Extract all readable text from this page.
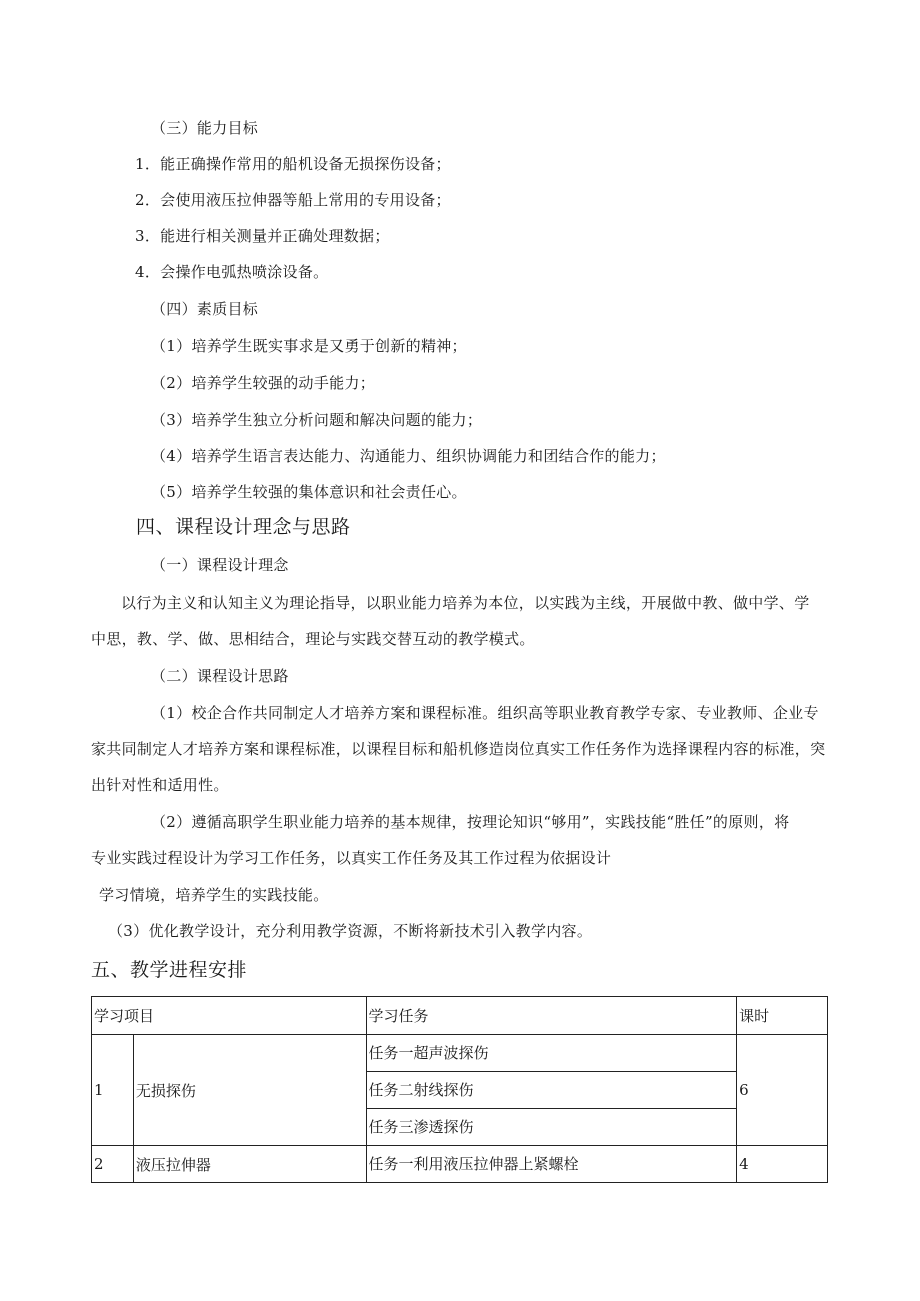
（三）能力目标
1．能正确操作常用的船机设备无损探伤设备；
2．会使用液压拉伸器等船上常用的专用设备；
3．能进行相关测量并正确处理数据；
4．会操作电弧热喷涂设备。
（四）素质目标
（1）培养学生既实事求是又勇于创新的精神；
（2）培养学生较强的动手能力；
（3）培养学生独立分析问题和解决问题的能力；
（4）培养学生语言表达能力、沟通能力、组织协调能力和团结合作的能力；
（5）培养学生较强的集体意识和社会责任心。
四、课程设计理念与思路
（一）课程设计理念
以行为主义和认知主义为理论指导，以职业能力培养为本位，以实践为主线，开展做中教、做中学、学
中思，教、学、做、思相结合，理论与实践交替互动的教学模式。
（二）课程设计思路
（1）校企合作共同制定人才培养方案和课程标准。组织高等职业教育教学专家、专业教师、企业专
家共同制定人才培养方案和课程标准，以课程目标和船机修造岗位真实工作任务作为选择课程内容的标准，突
出针对性和适用性。
（2）遵循高职学生职业能力培养的基本规律，按理论知识“够用”，实践技能“胜任”的原则，将
专业实践过程设计为学习工作任务，以真实工作任务及其工作过程为依据设计
学习情境，培养学生的实践技能。
（3）优化教学设计，充分利用教学资源，不断将新技术引入教学内容。
五、教学进程安排
学习项目		学习任务	课时
1	无损探伤	任务一超声波探伤
任务二射线探伤
任务三渗透探伤	6
2	液压拉伸器	任务一利用液压拉伸器上紧螺栓	4
